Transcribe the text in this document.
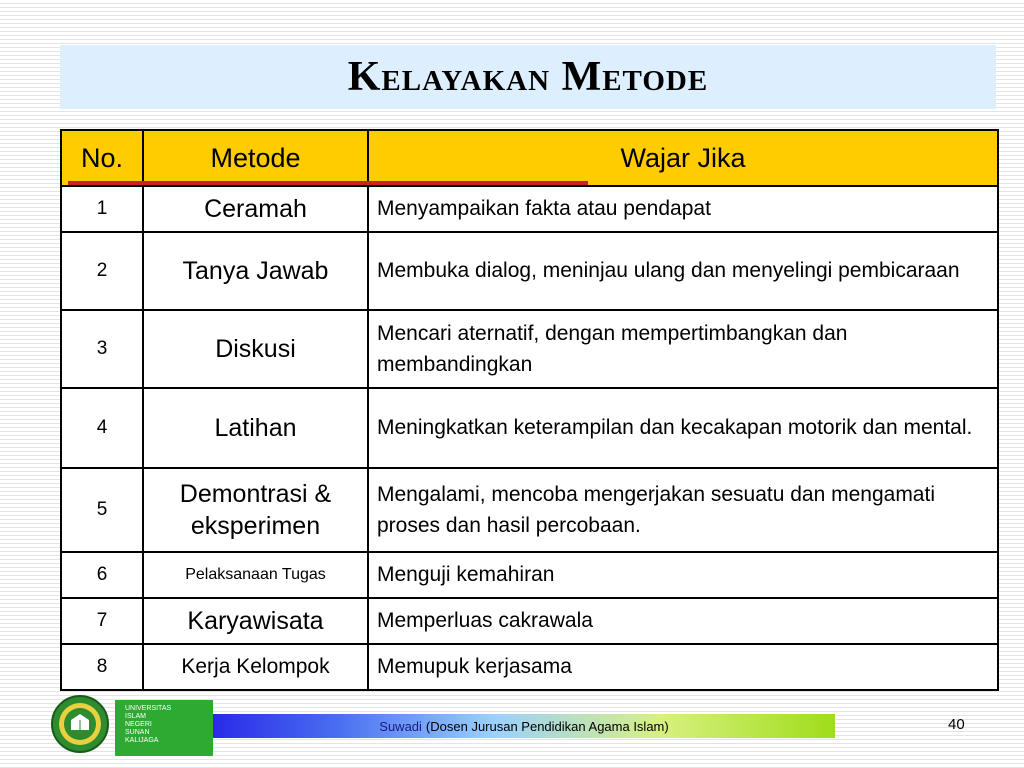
Kelayakan Metode
No.	Metode	Wajar Jika
1	Ceramah	Menyampaikan fakta atau pendapat
2	Tanya Jawab	Membuka dialog, meninjau ulang dan menyelingi pembicaraan
3	Diskusi	Mencari aternatif, dengan mempertimbangkan dan membandingkan
4	Latihan	Meningkatkan keterampilan dan kecakapan motorik dan mental.
5	Demontrasi & eksperimen	Mengalami, mencoba mengerjakan sesuatu dan mengamati proses dan hasil percobaan.
6	Pelaksanaan Tugas	Menguji kemahiran
7	Karyawisata	Memperluas cakrawala
8	Kerja Kelompok	Memupuk kerjasama
UNIVERSITAS
ISLAM
NEGERI
SUNAN
KALIJAGA
Suwadi (Dosen Jurusan Pendidikan Agama Islam)	40
